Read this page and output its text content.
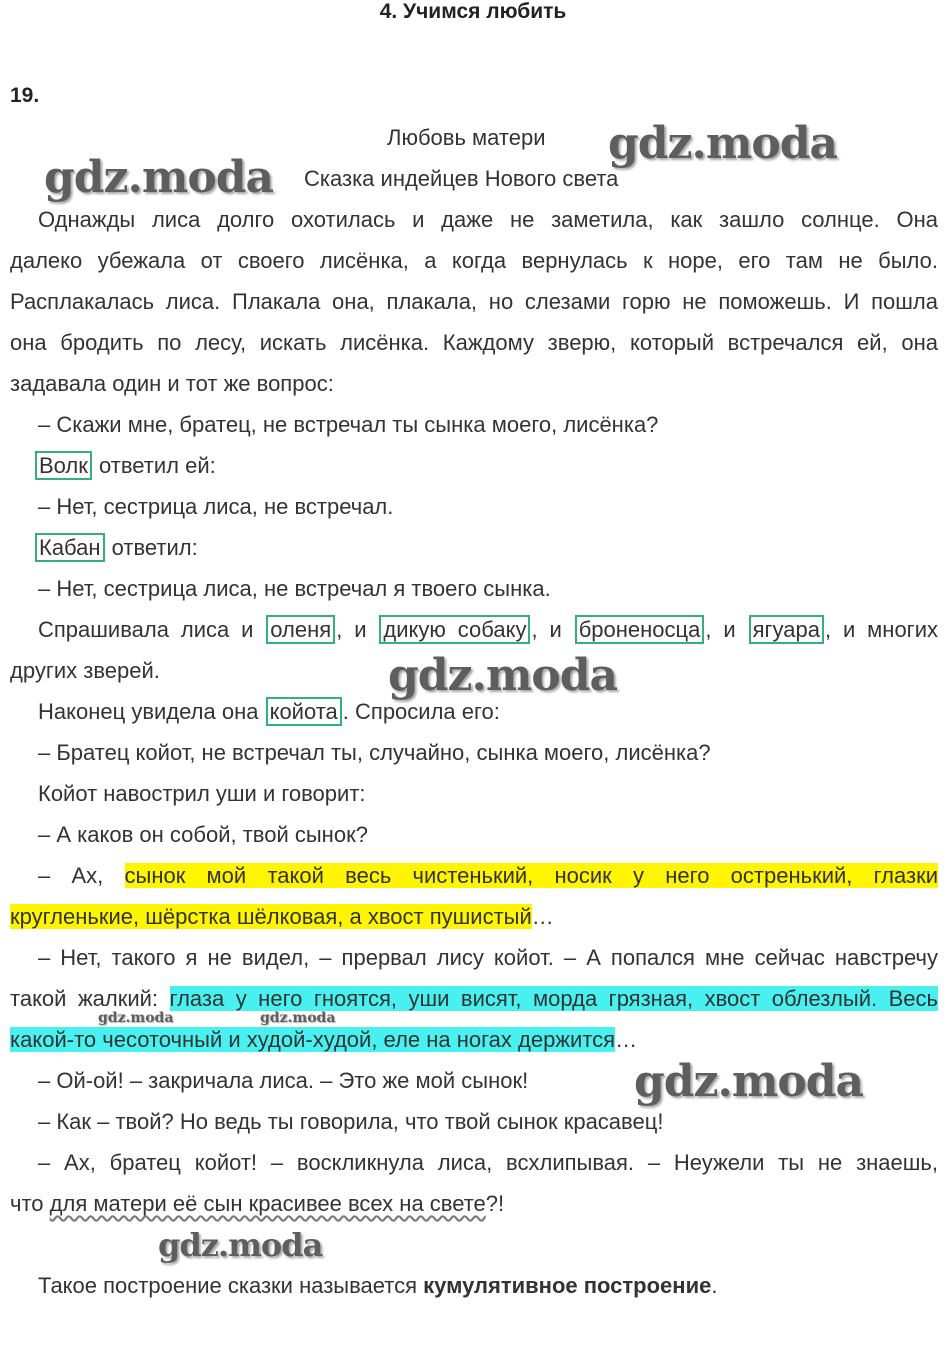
4. Учимся любить
19.
Любовь матери
Сказка индейцев Нового света
Однажды лиса долго охотилась и даже не заметила, как зашло солнце. Она
далеко убежала от своего лисёнка, а когда вернулась к норе, его там не было.
Расплакалась лиса. Плакала она, плакала, но слезами горю не поможешь. И пошла
она бродить по лесу, искать лисёнка. Каждому зверю, который встречался ей, она
задавала один и тот же вопрос:
– Скажи мне, братец, не встречал ты сынка моего, лисёнка?
Волк ответил ей:
– Нет, сестрица лиса, не встречал.
Кабан ответил:
– Нет, сестрица лиса, не встречал я твоего сынка.
Спрашивала лиса и оленя , и дикую собаку , и броненосца , и ягуара , и многих
других зверей.
Наконец увидела она койота . Спросила его:
– Братец койот, не встречал ты, случайно, сынка моего, лисёнка?
Койот навострил уши и говорит:
– А каков он собой, твой сынок?
– Ах, сынок мой такой весь чистенький, носик у него остренький, глазки
кругленькие, шёрстка шёлковая, а хвост пушистый…
– Нет, такого я не видел, – прервал лису койот. – А попался мне сейчас навстречу
такой жалкий: глаза у него гноятся, уши висят, морда грязная, хвост облезлый. Весь
какой-то чесоточный и худой-худой, еле на ногах держится…
– Ой-ой! – закричала лиса. – Это же мой сынок!
– Как – твой? Но ведь ты говорила, что твой сынок красавец!
– Ах, братец койот! – воскликнула лиса, всхлипывая. – Неужели ты не знаешь,
что для матери её сын красивее всех на свете?!
Такое построение сказки называется кумулятивное построение.
gdz.moda
gdz.moda
gdz.moda
gdz.moda	gdz.moda
gdz.moda
gdz.moda
